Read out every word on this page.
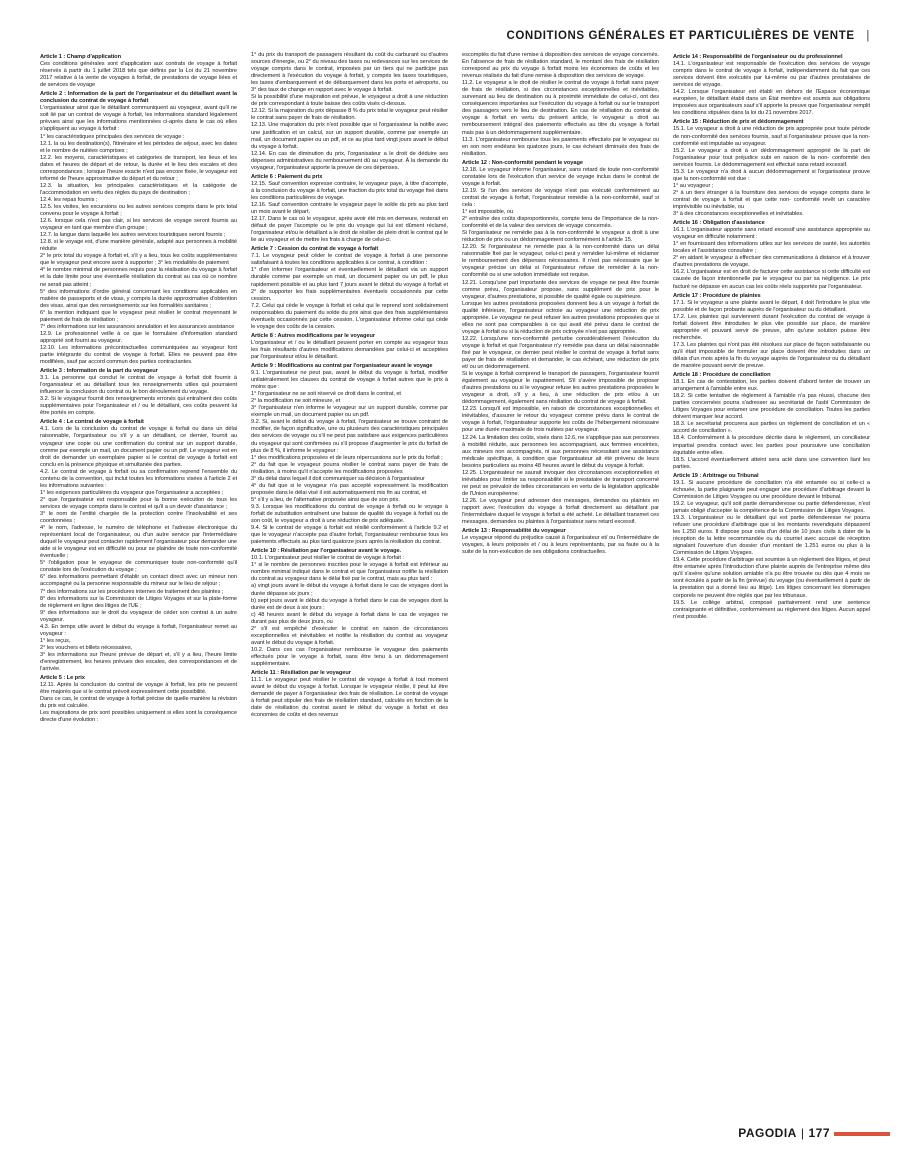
CONDITIONS GÉNÉRALES ET PARTICULIÈRES DE VENTE |

Article 1 : Champ d'application

Ces conditions générales sont d'application aux contrats de voyage à forfait réservés à partir du 1 juillet 2018 tels que définis par la Loi du 21 novembre 2017 relative à la vente de voyages à forfait, de prestations de voyage liées et de services de voyage

Article 2 : Information de la part de l'organisateur et du détaillant avant la conclusion du contrat de voyage à forfait

L'organisateur ainsi que le détaillant communiquent au voyageur, avant qu'il ne soit lié par un contrat de voyage à forfait, les informations standard légalement prévues ainsi que les informations mentionnées ci-après dans le cas où elles s'appliquent au voyage à forfait :

1° les caractéristiques principales des services de voyage :

12.1. la ou les destination(s), l'itinéraire et les périodes de séjour, avec les dates et le nombre de nuitées comprises ;

12.2. les moyens, caractéristiques et catégories de transport, les lieux et les dates et heures de départ et de retour, la durée et le lieu des escales et des correspondances ; lorsque l'heure exacte n'est pas encore fixée, le voyageur est informé de l'heure approximative du départ et du retour ;

12.3. la situation, les principales caractéristiques et la catégorie de l'accommodation en vertu des règles du pays de destination ;

12.4. les repas fournis ;

12.5. les visites, les excursions ou les autres services compris dans le prix total convenu pour le voyage à forfait ;

12.6. lorsque cela n'est pas clair, si les services de voyage seront fournis au voyageur en tant que membre d'un groupe ;

12.7. la langue dans laquelle les autres services touristiques seront fournis ;

12.8. si le voyage est, d'une manière générale, adapté aux personnes à mobilité réduite

2° le prix total du voyage à forfait et, s'il y a lieu, tous les coûts supplémentaires que le voyageur peut encore avoir à supporter ; 3° les modalités de paiement

4° le nombre minimal de personnes requis pour la réalisation du voyage à forfait et la date limite pour une éventuelle résiliation du contrat au cas où ce nombre ne serait pas atteint ;

5° des informations d'ordre général concernant les conditions applicables en matière de passeports et de visas, y compris la durée approximative d'obtention des visas, ainsi que des renseignements sur les formalités sanitaires ;

6° la mention indiquant que le voyageur peut résilier le contrat moyennant le paiement de frais de résiliation ;

7° des informations sur les assurances annulation et les assurances assistance

12.9. Le professionnel veille à ce que le formulaire d'information standard approprié soit fourni au voyageur.

12.10. Les informations précontractuelles communiquées au voyageur font partie intégrante du contrat de voyage à forfait. Elles ne peuvent pas être modifiées, sauf par accord commun des parties contractantes.

Article 3 : Information de la part du voyageur

3.1. La personne qui conclut le contrat de voyage à forfait doit fournir à l'organisateur et au détaillant tous les renseignements utiles qui pourraient influencer la conclusion du contrat ou le bon déroulement du voyage.

3.2. Si le voyageur fournit des renseignements erronés qui entraînent des coûts supplémentaires pour l'organisateur et / ou le détaillant, ces coûts peuvent lui être portés en compte.

Article 4 : Le contrat de voyage à forfait

4.1. Lors de la conclusion du contrat de voyage à forfait ou dans un délai raisonnable, l'organisateur ou s'il y a un détaillant, ce dernier, fournit au voyageur une copie ou une confirmation du contrat sur un support durable, comme par exemple un mail, un document papier ou un pdf. Le voyageur est en droit de demander un exemplaire papier si le contrat de voyage à forfait est conclu en la présence physique et simultanée des parties.

4.2. Le contrat de voyage à forfait ou sa confirmation reprend l'ensemble du contenu de la convention, qui inclut toutes les informations visées à l'article 2 et les informations suivantes :

1° les exigences particulières du voyageur que l'organisateur a acceptées ;

2° que l'organisateur est responsable pour la bonne exécution de tous les services de voyage compris dans le contrat et qu'il a un devoir d'assistance ;

3° le nom de l'entité chargée de la protection contre l'insolvabilité et ses coordonnées ;

4° le nom, l'adresse, le numéro de téléphone et l'adresse électronique du représentant local de l'organisateur, ou d'un autre service par l'intermédiaire duquel le voyageur peut contacter rapidement l'organisateur pour demander une aide si le voyageur est en difficulté ou pour se plaindre de toute non-conformité éventuelle ;

5° l'obligation pour le voyageur de communiquer toute non-conformité qu'il constate lors de l'exécution du voyage ;

6° des informations permettant d'établir un contact direct avec un mineur non accompagné ou la personne responsable du mineur sur le lieu de séjour ;

7° des informations sur les procédures internes de traitement des plaintes ;

8° des informations sur la Commission de Litiges Voyages et sur la plate-forme de règlement en ligne des litiges de l'UE ;

9° des informations sur le droit du voyageur de céder son contrat à un autre voyageur.

4.3. En temps utile avant le début du voyage à forfait, l'organisateur remet au voyageur :

1° les reçus,

2° les vouchers et billets nécessaires,

3° les informations sur l'heure prévue de départ et, s'il y a lieu, l'heure limite d'enregistrement, les heures prévues des escales, des correspondances et de l'arrivée.

Article 5 : Le prix

12.11. Après la conclusion du contrat de voyage à forfait, les prix ne peuvent être majorés que si le contrat prévoit expressément cette possibilité.

Dans ce cas, le contrat de voyage à forfait précise de quelle manière la révision du prix est calculée.

Les majorations de prix sont possibles uniquement si elles sont la conséquence directe d'une évolution :

1° du prix du transport de passagers résultant du coût du carburant ou d'autres sources d'énergie, ou 2° du niveau des taxes ou redevances sur les services de voyage compris dans le contrat, imposées par un tiers qui ne participe pas directement à l'exécution du voyage à forfait, y compris les taxes touristiques, les taxes d'embarquement et de débarquement dans les ports et aéroports, ou 3° des taux de change en rapport avec le voyage à forfait.

Si la possibilité d'une majoration est prévue, le voyageur a droit à une réduction de prix correspondant à toute baisse des coûts visés ci-dessus.

12.12. Si la majoration du prix dépasse 8 % du prix total le voyageur peut résilier le contrat sans payer de frais de résiliation.

12.13. Une majoration du prix n'est possible que si l'organisateur la notifie avec une justification et un calcul, sur un support durable, comme par exemple un mail, un document papier ou un pdf, et ce au plus tard vingt jours avant le début du voyage à forfait.

12.14. En cas de diminution du prix, l'organisateur a le droit de déduire ses dépenses administratives du remboursement dû au voyageur. À la demande du voyageur, l'organisateur apporte la preuve de ces dépenses.

Article 6 : Paiement du prix

12.15. Sauf convention expresse contraire, le voyageur paye, à titre d'acompte, à la conclusion du voyage à forfait, une fraction du prix total du voyage fixé dans les conditions particulières de voyage.

12.16. Sauf convention contraire le voyageur paye le solde du prix au plus tard un mois avant le départ.

12.17. Dans le cas où le voyageur, après avoir été mis en demeure, resterait en défaut de payer l'acompte ou le prix du voyage qui lui est dûment réclamé, l'organisateur et/ou le détaillant a le droit de résilier de plein droit le contrat qui le lie au voyageur et de mettre les frais à charge de celui-ci.

Article 7 : Cession du contrat de voyage à forfait

7.1. Le voyageur peut céder le contrat de voyage à forfait à une personne satisfaisant à toutes les conditions applicables à ce contrat, à condition :

1° d'en informer l'organisateur et éventuellement le détaillant via un support durable comme par exemple un mail, un document papier ou un pdf, le plus rapidement possible et au plus tard 7 jours avant le début du voyage à forfait et 2° de supporter les frais supplémentaires éventuels occasionnés par cette cession.

7.2. Celui qui cède le voyage à forfait et celui qui le reprend sont solidairement responsables du paiement du solde du prix ainsi que des frais supplémentaires éventuels occasionnés par cette cession. L'organisateur informe celui qui cède le voyage des coûts de la cession.

Article 8 : Autres modifications par le voyageur

L'organisateur et / ou le détaillant peuvent porter en compte au voyageur tous les frais résultants d'autres modifications demandées par celui-ci et acceptées par l'organisateur et/ou le détaillant.

Article 9 : Modifications au contrat par l'organisateur avant le voyage

9.1. L'organisateur ne peut pas, avant le début du voyage à forfait, modifier unilatéralement les clauses du contrat de voyage à forfait autres que le prix à moins que :

1° l'organisateur ne se soit réservé ce droit dans le contrat, et

2° la modification ne soit mineure, et

3° l'organisateur n'en informe le voyageur sur un support durable, comme par exemple un mail, un document papier ou un pdf.

9.2. Si, avant le début du voyage à forfait, l'organisateur se trouve contraint de modifier, de façon significative, une ou plusieurs des caractéristiques principales des services de voyage ou s'il ne peut pas satisfaire aux exigences particulières du voyageur qui sont confirmées ou s'il propose d'augmenter le prix du forfait de plus de 8 %, il informe le voyageur :

1° des modifications proposées et de leurs répercussions sur le prix du forfait ;

2° du fait que le voyageur pourra résilier le contrat sans payer de frais de résiliation, à moins qu'il n'accepte les modifications proposées

3° du délai dans lequel il doit communiquer sa décision à l'organisateur

4° du fait que si le voyageur n'a pas accepté expressément la modification proposée dans le délai visé il est automatiquement mis fin au contrat, et

5° s'il y a lieu, de l'alternative proposée ainsi que de son prix.

9.3. Lorsque les modifications du contrat de voyage à forfait ou le voyage à forfait de substitution entraînent une baisse de qualité du voyage à forfait ou de son coût, le voyageur a droit à une réduction de prix adéquate.

9.4. Si le contrat de voyage à forfait est résilié conformément à l'article 9.2 et que le voyageur n'accepte pas d'autre forfait, l'organisateur rembourse tous les paiements effectués au plus tard quatorze jours après la résiliation du contrat.

Article 10 : Résiliation par l'organisateur avant le voyage.

10.1. L'organisateur peut résilier le contrat de voyage à forfait :

1° si le nombre de personnes inscrites pour le voyage à forfait est inférieur au nombre minimal indiqué dans le contrat et que l'organisateur notifie la résiliation du contrat au voyageur dans le délai fixé par le contrat, mais au plus tard :

a) vingt jours avant le début du voyage à forfait dans le cas de voyages dont la durée dépasse six jours ;

b) sept jours avant le début du voyage à forfait dans le cas de voyages dont la durée est de deux à six jours ;

c) 48 heures avant le début du voyage à forfait dans le cas de voyages ne durant pas plus de deux jours, ou

2° s'il est empêché d'exécuter le contrat en raison de circonstances exceptionnelles et inévitables et notifie la résiliation du contrat au voyageur avant le début du voyage à forfait.

10.2. Dans ces cas l'organisateur rembourse le voyageur des paiements effectués pour le voyage à forfait, sans être tenu à un dédommagement supplémentaire.

Article 11 : Résiliation par le voyageur

11.1. Le voyageur peut résilier le contrat de voyage à forfait à tout moment avant le début du voyage à forfait. Lorsque le voyageur résilie, il peut lui être demandé de payer à l'organisateur des frais de résiliation. Le contrat de voyage à forfait peut stipuler des frais de résiliation standard, calculés en fonction de la date de résiliation du contrat avant le début du voyage à forfait et des économies de coûts et des revenus

escomptés du fait d'une remise à disposition des services de voyage concernés. En l'absence de frais de résiliation standard, le montant des frais de résiliation correspond au prix du voyage à forfait moins les économies de coûts et les revenus réalisés du fait d'une remise à disposition des services de voyage.

11.2. Le voyageur a le droit de résilier le contrat de voyage à forfait sans payer de frais de résiliation, si des circonstances exceptionnelles et inévitables, survenant au lieu de destination ou à proximité immédiate de celui-ci, ont des conséquences importantes sur l'exécution du voyage à forfait ou sur le transport des passagers vers le lieu de destination. En cas de résiliation du contrat de voyage à forfait en vertu du présent article, le voyageur a droit au remboursement intégral des paiements effectués au titre du voyage à forfait mais pas à un dédommagement supplémentaire.

11.3. L'organisateur rembourse tous les paiements effectués par le voyageur ou en son nom endéans les quatorze jours, le cas échéant diminués des frais de résiliation.

Article 12 : Non-conformité pendant le voyage

12.18. Le voyageur informe l'organisateur, sans retard de toute non-conformité constatée lors de l'exécution d'un service de voyage inclus dans le contrat de voyage à forfait.

12.19. Si l'un des services de voyage n'est pas exécuté conformément au contrat de voyage à forfait, l'organisateur remédie à la non-conformité, sauf si cela :

1° est impossible, ou

2° entraîne des coûts disproportionnés, compte tenu de l'importance de la non-conformité et de la valeur des services de voyage concernés.

Si l'organisateur ne remédie pas à la non-conformité le voyageur a droit à une réduction de prix ou un dédommagement conformément à l'article 15.

12.20. Si l'organisateur ne remédie pas à la non-conformité dans un délai raisonnable fixé par le voyageur, celui-ci peut y remédier lui-même et réclamer le remboursement des dépenses nécessaires. Il n'est pas nécessaire que le voyageur précise un délai si l'organisateur refuse de remédier à la non-conformité ou si une solution immédiate est requise.

12.21. Lorsqu'une part importante des services de voyage ne peut être fournie comme prévu, l'organisateur propose, sans supplément de prix pour le voyageur, d'autres prestations, si possible de qualité égale ou supérieure.

Lorsque les autres prestations proposées donnent lieu à un voyage à forfait de qualité inférieure, l'organisateur octroie au voyageur une réduction de prix appropriée. Le voyageur ne peut refuser les autres prestations proposées que si elles ne sont pas comparables à ce qui avait été prévu dans le contrat de voyage à forfait ou si la réduction de prix octroyée n'est pas appropriée.

12.22. Lorsqu'une non-conformité perturbe considérablement l'exécution du voyage à forfait et que l'organisateur n'y remédie pas dans un délai raisonnable fixé par le voyageur, ce dernier peut résilier le contrat de voyage à forfait sans payer de frais de résiliation et demander, le cas échéant, une réduction de prix et/ ou un dédommagement.

Si le voyage à forfait comprend le transport de passagers, l'organisateur fournit également au voyageur le rapatriement. S'il s'avère impossible de proposer d'autres prestations ou si le voyageur refuse les autres prestations proposées le voyageur a droit, s'il y a lieu, à une réduction de prix et/ou à un dédommagement, également sans résiliation du contrat de voyage à forfait.

12.23. Lorsqu'il est impossible, en raison de circonstances exceptionnelles et inévitables, d'assurer le retour du voyageur comme prévu dans le contrat de voyage à forfait, l'organisateur supporte les coûts de l'hébergement nécessaire pour une durée maximale de trois nuitées par voyageur.

12.24. La limitation des coûts, visés dans 12.6, ne s'applique pas aux personnes à mobilité réduite, aux personnes les accompagnant, aux femmes enceintes, aux mineurs non accompagnés, ni aux personnes nécessitant une assistance médicale spécifique, à condition que l'organisateur ait été prévenu de leurs besoins particuliers au moins 48 heures avant le début du voyage à forfait.

12.25. L'organisateur ne saurait invoquer des circonstances exceptionnelles et inévitables pour limiter sa responsabilité si le prestataire de transport concerné ne peut se prévaloir de telles circonstances en vertu de la législation applicable de l'Union européenne.

12.26. Le voyageur peut adresser des messages, demandes ou plaintes en rapport avec l'exécution du voyage à forfait directement au détaillant par l'intermédiaire duquel le voyage à forfait a été acheté. Le détaillant transmet ces messages, demandes ou plaintes à l'organisateur sans retard excessif.

Article 13 : Responsabilité du voyageur

Le voyageur répond du préjudice causé à l'organisateur et/ ou l'intermédiaire de voyages, à leurs préposés et / ou à leurs représentants, par sa faute ou à la suite de la non-exécution de ses obligations contractuelles.

Article 14 : Responsabilité de l'organisateur ou du professionnel

14.1. L'organisateur est responsable de l'exécution des services de voyage compris dans le contrat de voyage à forfait, indépendamment du fait que ces services doivent être exécutés par lui-même ou par d'autres prestataires de services de voyage.

14.2. Lorsque l'organisateur est établi en dehors de l'Espace économique européen, le détaillant établi dans un État membre est soumis aux obligations imposées aux organisateurs sauf s'il apporte la preuve que l'organisateur remplit les conditions stipulées dans la loi du 21 novembre 2017.

Article 15 : Réduction de prix et dédommagement

15.1. Le voyageur a droit à une réduction de prix appropriée pour toute période de non-conformité des services fournis, sauf si l'organisateur prouve que la non-conformité est imputable au voyageur.

15.2. Le voyageur a droit à un dédommagement approprié de la part de l'organisateur pour tout préjudice subi en raison de la non- conformité des services fournis. Le dédommagement est effectué sans retard excessif.

15.3. Le voyageur n'a droit à aucun dédommagement si l'organisateur prouve que la non-conformité est due :

1° au voyageur ;

2° à un tiers étranger à la fourniture des services de voyage compris dans le contrat de voyage à forfait et que cette non- conformité revêt un caractère imprévisible ou inévitable, ou

3° à des circonstances exceptionnelles et inévitables.

Article 16 : Obligation d'assistance

16.1. L'organisateur apporte sans retard excessif une assistance appropriée au voyageur en difficulté notamment :

1° en fournissant des informations utiles sur les services de santé, les autorités locales et l'assistance consulaire ;

2° en aidant le voyageur à effectuer des communications à distance et à trouver d'autres prestations de voyage.

16.2. L'organisateur est en droit de facturer cette assistance si cette difficulté est causée de façon intentionnelle par le voyageur ou par sa négligence. Le prix facturé ne dépasse en aucun cas les coûts réels supportés par l'organisateur.

Article 17 : Procédure de plaintes

17.1. Si le voyageur a une plainte avant le départ, il doit l'introduire le plus vite possible et de façon probante auprès de l'organisateur ou du détaillant.

17.2. Les plaintes qui surviennent durant l'exécution du contrat de voyage à forfait doivent être introduites le plus vite possible sur place, de manière appropriée et pouvant servir de preuve, afin qu'une solution puisse être recherchée.

17.3. Les plaintes qui n'ont pas été résolues sur place de façon satisfaisante ou qu'il était impossible de formuler sur place doivent être introduites dans un délais d'un mois après la fin du voyage auprès de l'organisateur ou du détaillant de manière pouvant servir de preuve.

Article 18 : Procédure de conciliation

18.1. En cas de contestation, les parties doivent d'abord tenter de trouver un arrangement à l'amiable entre eux.

18.2. Si cette tentative de règlement à l'amiable n'a pas réussi, chacune des parties concernées pourra s'adresser au secrétariat de l'asbl Commission de Litiges Voyages pour entamer une procédure de conciliation. Toutes les parties doivent marquer leur accord.

18.3. Le secrétariat procurera aux parties un règlement de conciliation et un « accord de conciliation ».

18.4. Conformément à la procédure décrite dans le règlement, un conciliateur impartial prendra contact avec les parties pour poursuivre une conciliation équitable entre elles.

18.5. L'accord éventuellement atteint sera acté dans une convention liant les parties.

Article 19 : Arbitrage ou Tribunal

19.1. Si aucune procédure de conciliation n'a été entamée ou si celle-ci a échouée, la partie plaignante peut engager une procédure d'arbitrage devant la Commission de Litiges Voyages ou une procédure devant le tribunal.

19.2. Le voyageur, qu'il soit partie demanderesse ou partie défenderesse, n'est jamais obligé d'accepter la compétence de la Commission de Litiges Voyages.

19.3. L'organisateur ou le détaillant qui est partie défenderesse ne pourra refuser une procédure d'arbitrage que si les montants revendiqués dépassent les 1.250 euros. Il dispose pour cela d'un délai de 10 jours civils à dater de la réception de la lettre recommandée ou du courriel avec accusé de réception signalant l'ouverture d'un dossier d'un montant de 1.251 euros ou plus à la Commission de Litiges Voyages.

19.4. Cette procédure d'arbitrage est soumise à un règlement des litiges, et peut être entamée après l'introduction d'une plainte auprès de l'entreprise même dès qu'il s'avère qu'une solution amiable n'a pu être trouvée ou dès que 4 mois se sont écoulés à partir de la fin (prévue) du voyage (ou éventuellement à partir de la prestation qui a donné lieu au litige). Les litiges concernant les dommages corporels ne peuvent être réglés que par les tribunaux.

19.5. Le collège arbitral, composé paritairement rend une sentence contraignante et définitive, conformément au règlement des litiges. Aucun appel n'est possible.

PAGODIA | 177
